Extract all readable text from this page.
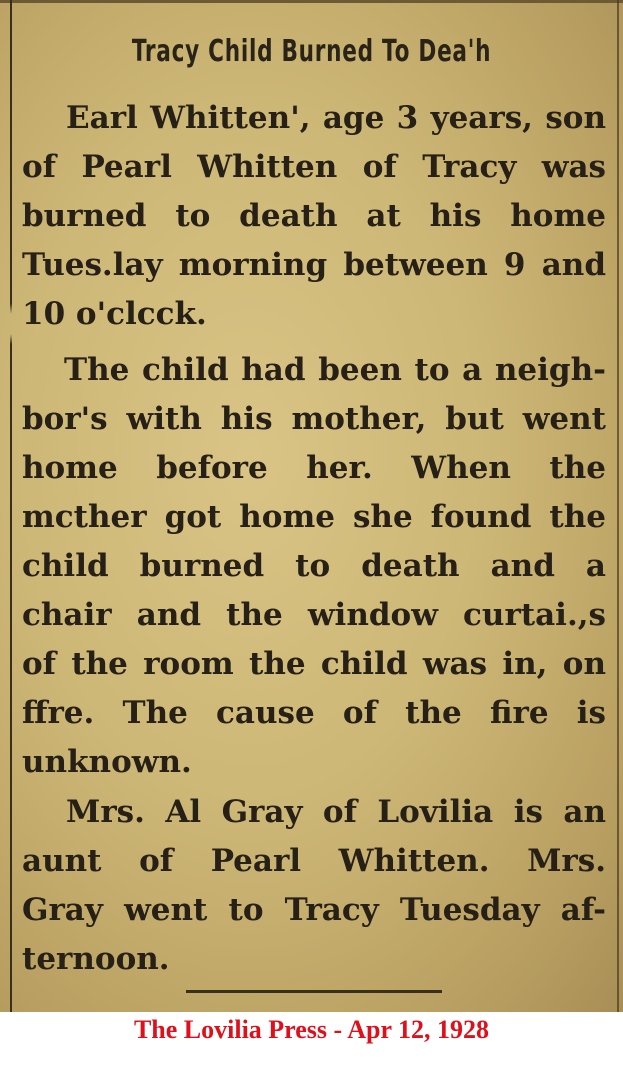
Tracy Child Burned To Dea'h
Earl Whitten', age 3 years, son
of Pearl Whitten of Tracy was
burned to death at his home
Tues.lay morning between 9 and
10 o'clcck.
The child had been to a neigh-
bor's with his mother, but went
home before her. When the
mcther got home she found the
child burned to death and a
chair and the window curtai.,s
of the room the child was in, on
ffre. The cause of the fire is
unknown.
Mrs. Al Gray of Lovilia is an
aunt of Pearl Whitten. Mrs.
Gray went to Tracy Tuesday af-
ternoon.
The Lovilia Press - Apr 12, 1928
